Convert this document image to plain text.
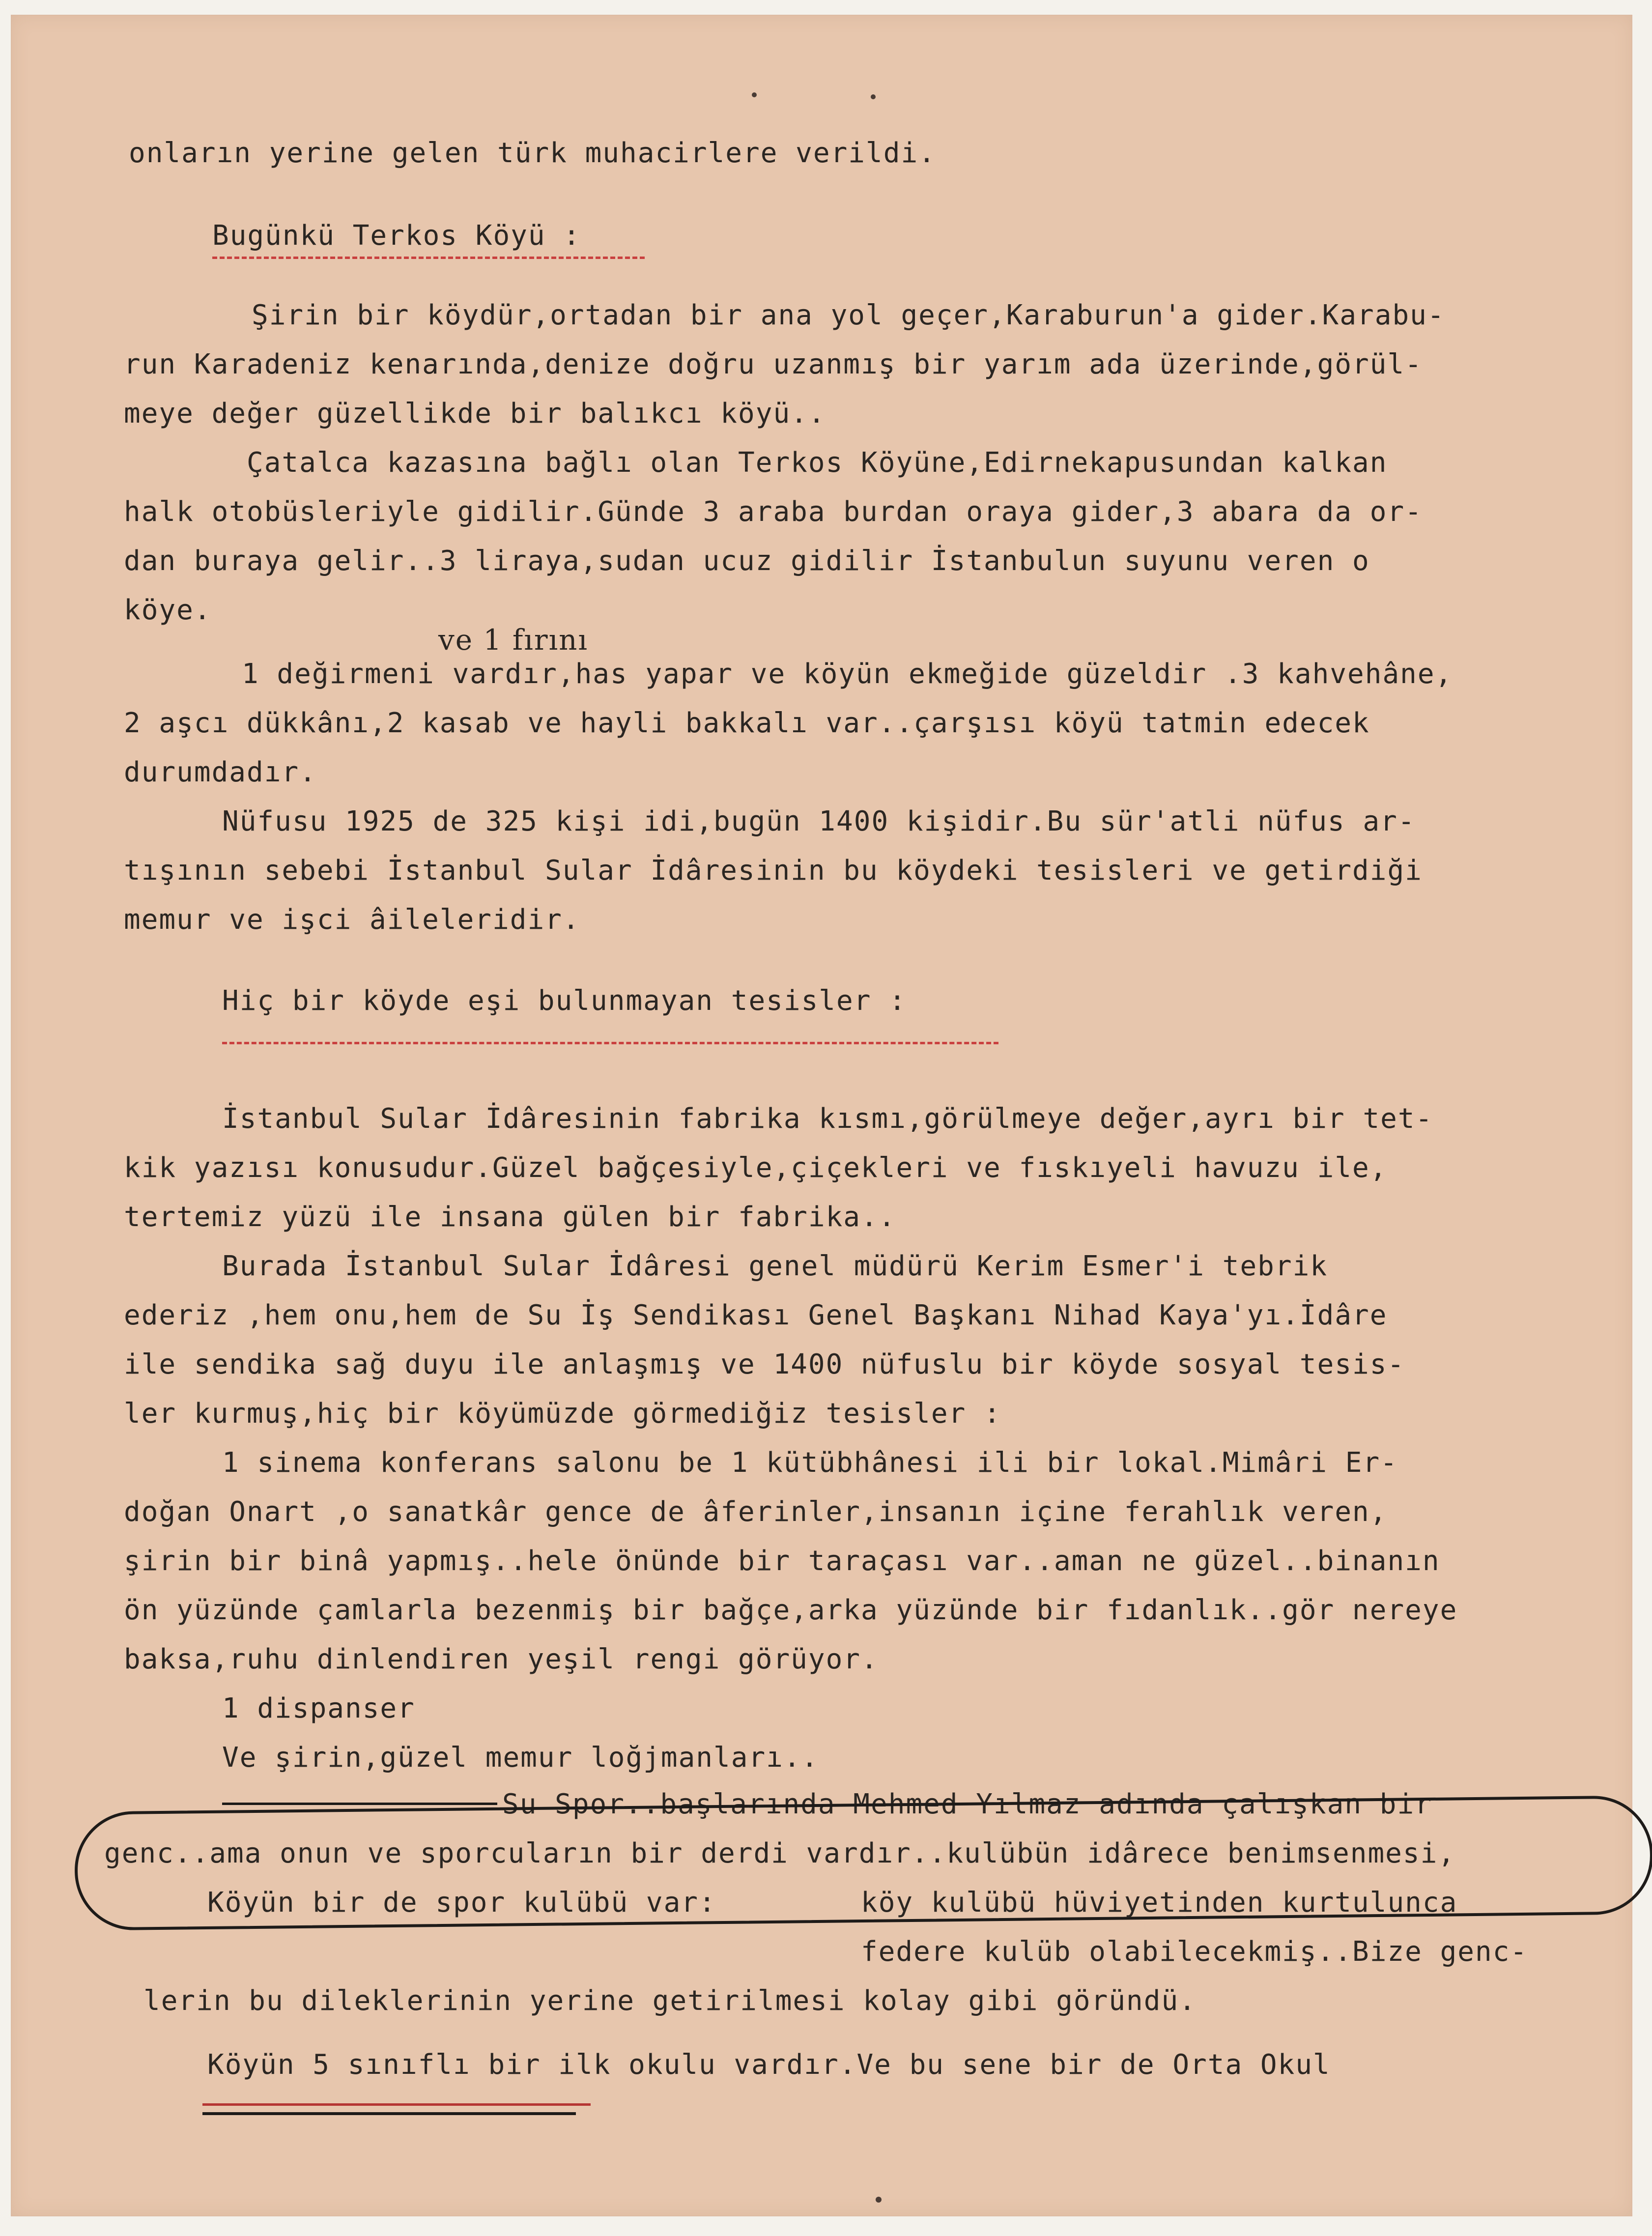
onların yerine gelen türk muhacirlere verildi.
Bugünkü Terkos Köyü :
Şirin bir köydür,ortadan bir ana yol geçer,Karaburun'a gider.Karabu-
run Karadeniz kenarında,denize doğru uzanmış bir yarım ada üzerinde,görül-
meye değer güzellikde bir balıkcı köyü..
Çatalca kazasına bağlı olan Terkos Köyüne,Edirnekapusundan kalkan
halk otobüsleriyle gidilir.Günde 3 araba burdan oraya gider,3 abara da or-
dan buraya gelir..3 liraya,sudan ucuz gidilir İstanbulun suyunu veren o
köye.
ve 1 fırını
1 değirmeni vardır,has yapar ve köyün ekmeğide güzeldir .3 kahvehâne,
2 aşcı dükkânı,2 kasab ve hayli bakkalı var..çarşısı köyü tatmin edecek
durumdadır.
Nüfusu 1925 de 325 kişi idi,bugün 1400 kişidir.Bu sür'atli nüfus ar-
tışının sebebi İstanbul Sular İdâresinin bu köydeki tesisleri ve getirdiği
memur ve işci âileleridir.
Hiç bir köyde eşi bulunmayan tesisler :
İstanbul Sular İdâresinin fabrika kısmı,görülmeye değer,ayrı bir tet-
kik yazısı konusudur.Güzel bağçesiyle,çiçekleri ve fıskıyeli havuzu ile,
tertemiz yüzü ile insana gülen bir fabrika..
Burada İstanbul Sular İdâresi genel müdürü Kerim Esmer'i tebrik
ederiz ,hem onu,hem de Su İş Sendikası Genel Başkanı Nihad Kaya'yı.İdâre
ile sendika sağ duyu ile anlaşmış ve 1400 nüfuslu bir köyde sosyal tesis-
ler kurmuş,hiç bir köyümüzde görmediğiz tesisler :
1 sinema konferans salonu be 1 kütübhânesi ili bir lokal.Mimâri Er-
doğan Onart ,o sanatkâr gence de âferinler,insanın içine ferahlık veren,
şirin bir binâ yapmış..hele önünde bir taraçası var..aman ne güzel..binanın
ön yüzünde çamlarla bezenmiş bir bağçe,arka yüzünde bir fıdanlık..gör nereye
baksa,ruhu dinlendiren yeşil rengi görüyor.
1 dispanser
Ve şirin,güzel memur loğjmanları..
Su Spor..başlarında Mehmed Yılmaz adında çalışkan bir
genc..ama onun ve sporcuların bir derdi vardır..kulübün idârece benimsenmesi,
Köyün bir de spor kulübü var:	köy kulübü hüviyetinden kurtulunca
federe kulüb olabilecekmiş..Bize genc-
lerin bu dileklerinin yerine getirilmesi kolay gibi göründü.
Köyün 5 sınıflı bir ilk okulu vardır.Ve bu sene bir de Orta Okul
